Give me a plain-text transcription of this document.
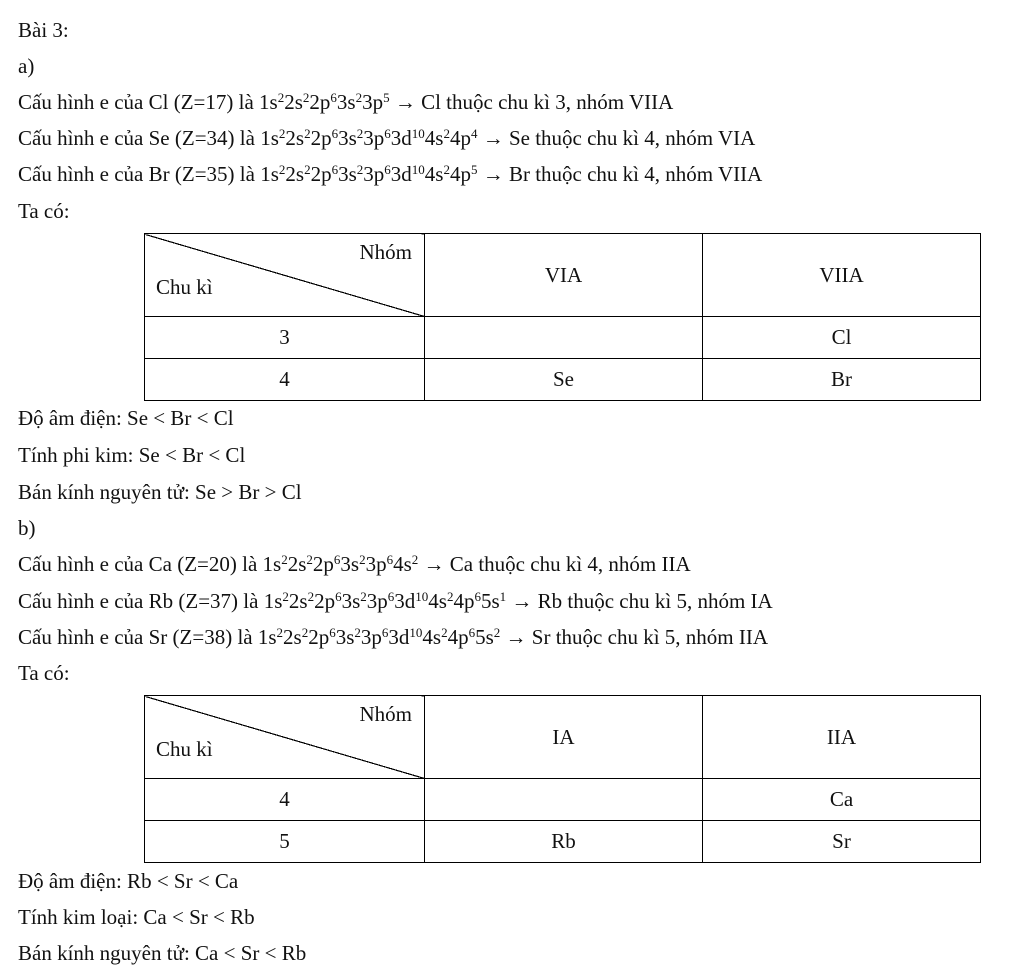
Bài 3:
a)
Cấu hình e của Cl (Z=17) là $1s^22s^22p^63s^23p^5 \to Cl$ thuộc chu kì 3, nhóm VIIA
Cấu hình e của Se (Z=34) là $1s^22s^22p^63s^23p^63d^{10}4s^24p^4 \to Se$ thuộc chu kì 4, nhóm VIA
Cấu hình e của Br (Z=35) là $1s^22s^22p^63s^23p^63d^{10}4s^24p^5 \to Br$ thuộc chu kì 4, nhóm VIIA
Ta có:
Nhóm
Chu kì	VIA	VIIA
3		Cl
4	Se	Br
Độ âm điện: Se < Br < Cl
Tính phi kim: Se < Br < Cl
Bán kính nguyên tử: Se > Br > Cl
b)
Cấu hình e của Ca (Z=20) là $1s^22s^22p^63s^23p^64s^2 \to Ca$ thuộc chu kì 4, nhóm IIA
Cấu hình e của Rb (Z=37) là $1s^22s^22p^63s^23p^63d^{10}4s^24p^65s^1 \to Rb$ thuộc chu kì 5, nhóm IA
Cấu hình e của Sr (Z=38) là $1s^22s^22p^63s^23p^63d^{10}4s^24p^65s^2 \to Sr$ thuộc chu kì 5, nhóm IIA
Ta có:
Nhóm
Chu kì	IA	IIA
4		Ca
5	Rb	Sr
Độ âm điện: Rb < Sr < Ca
Tính kim loại: Ca < Sr < Rb
Bán kính nguyên tử: Ca < Sr < Rb
